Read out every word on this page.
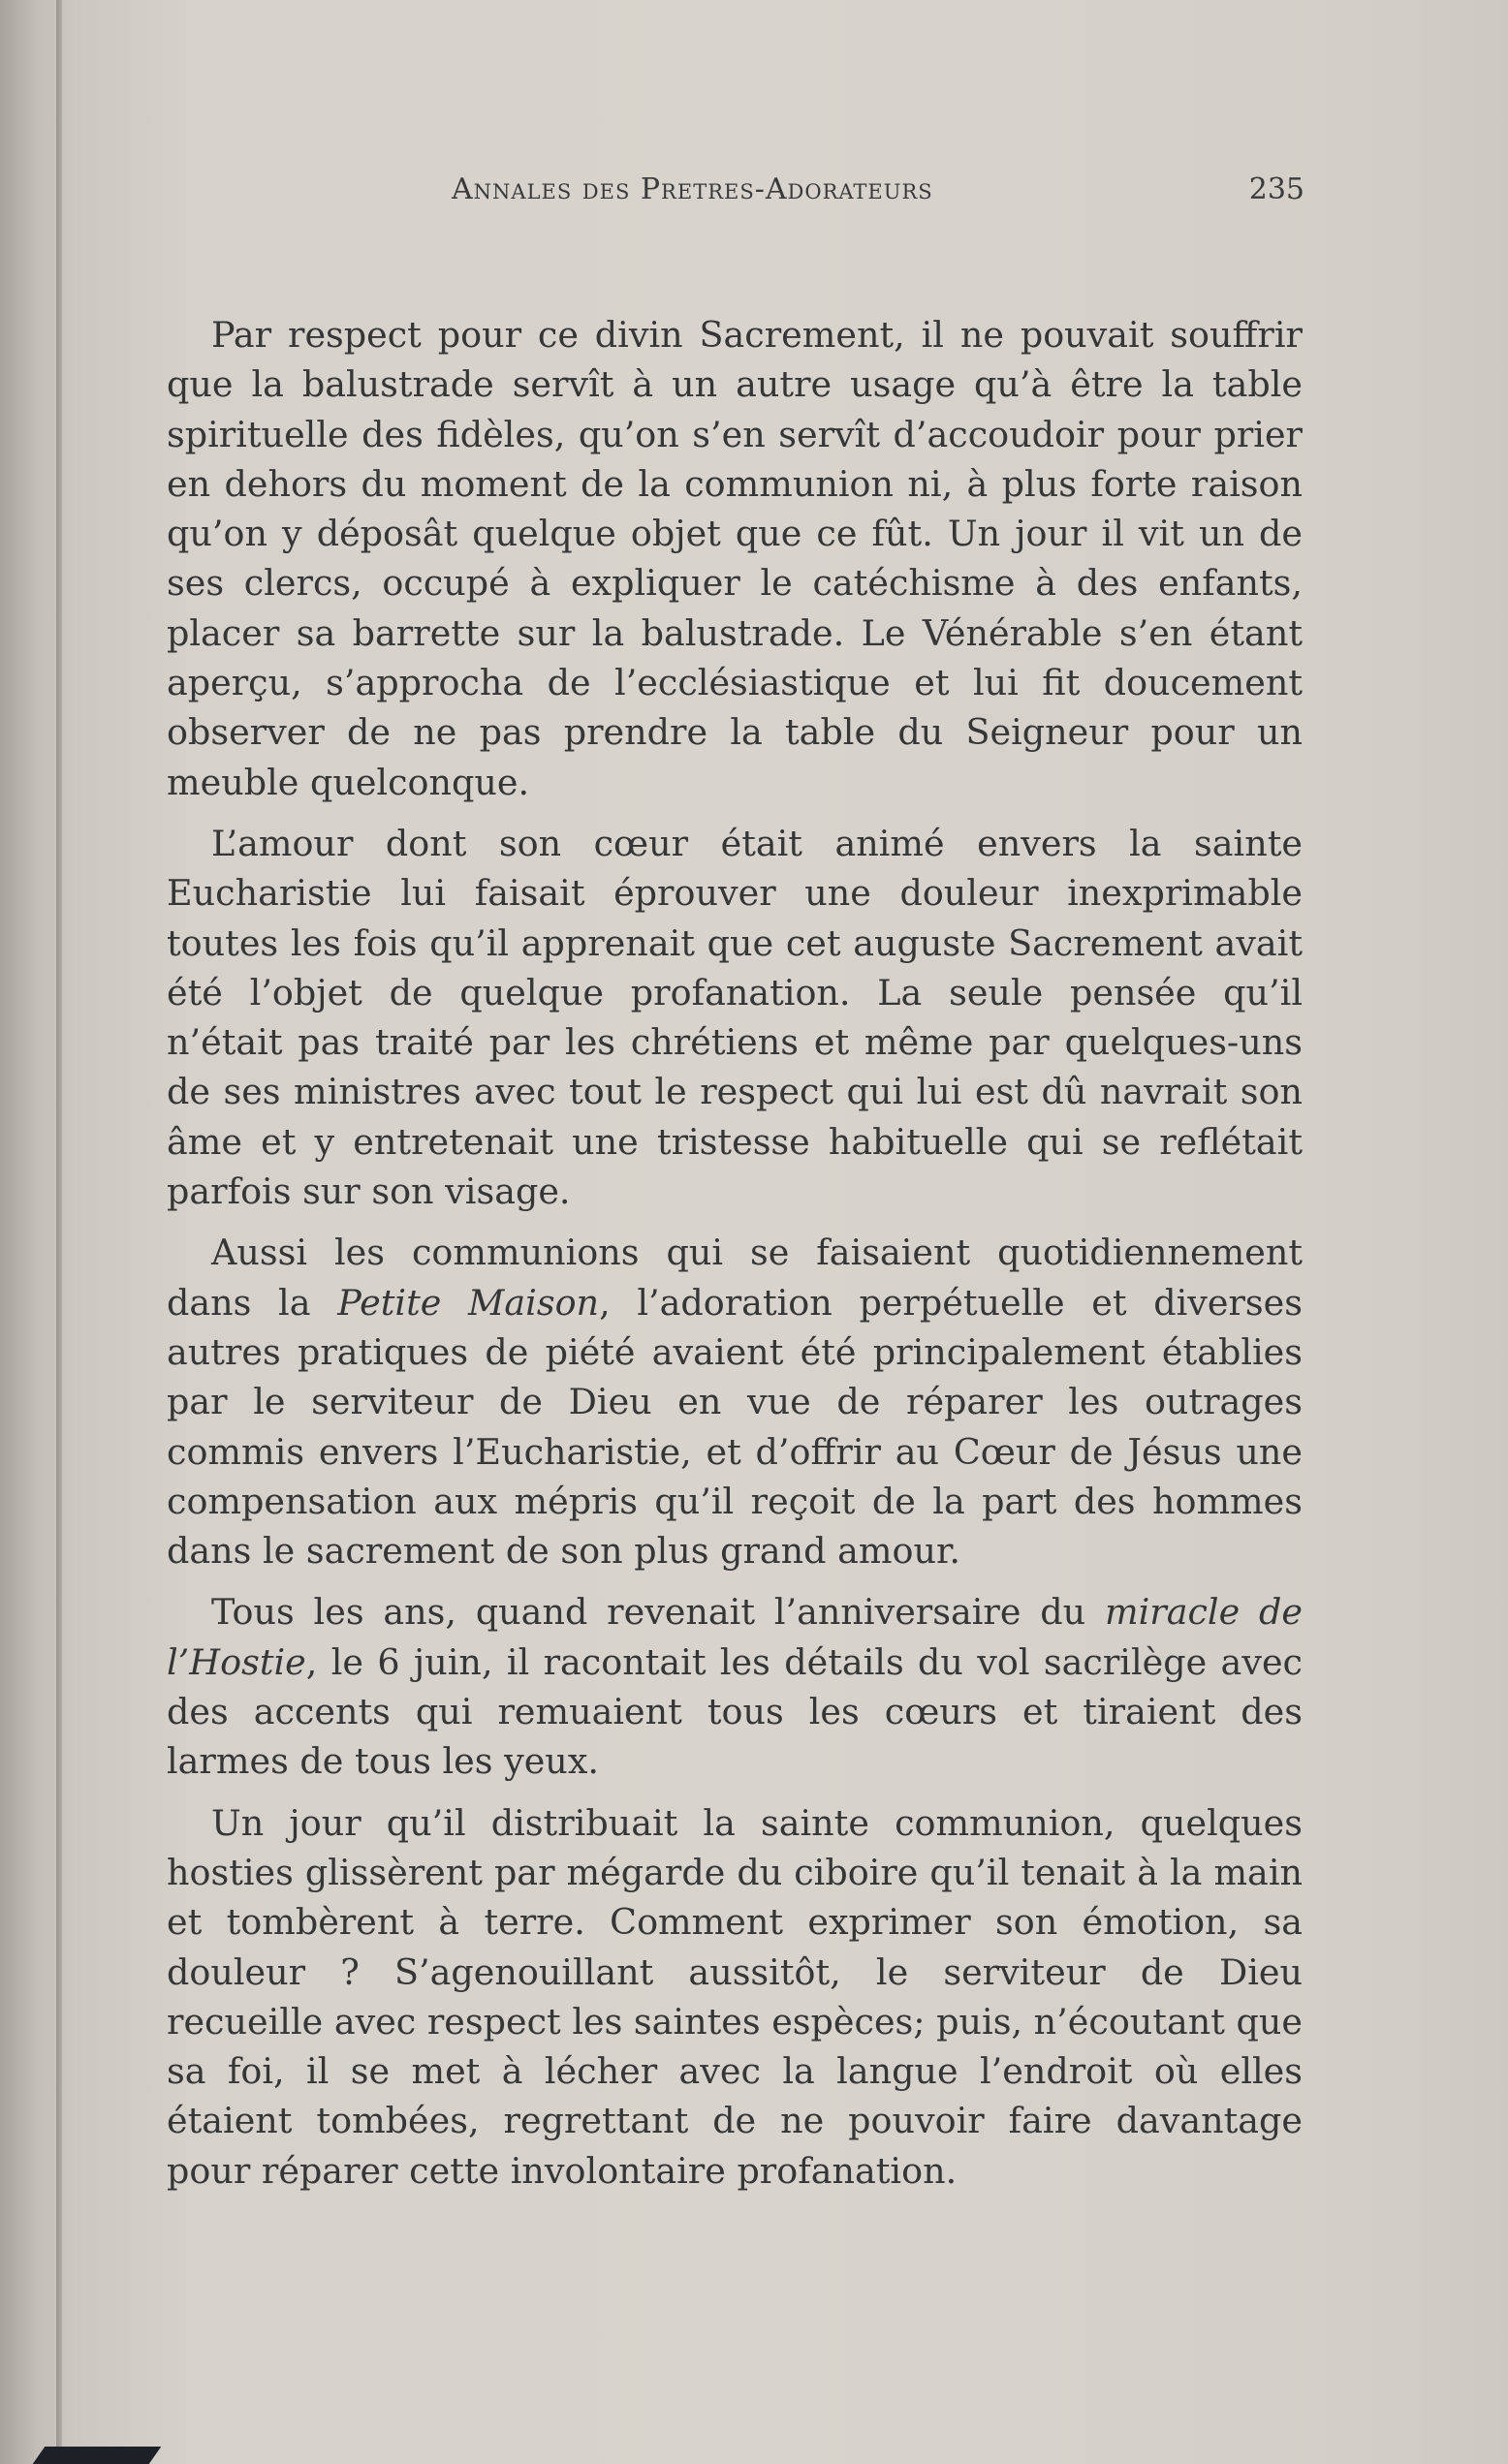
Annales des Pretres-Adorateurs	235

Par respect pour ce divin Sacrement, il ne pouvait souffrir que la balustrade servît à un autre usage qu’à être la table spirituelle des fidèles, qu’on s’en servît d’accoudoir pour prier en dehors du moment de la communion ni, à plus forte raison qu’on y déposât quelque objet que ce fût. Un jour il vit un de ses clercs, occupé à expliquer le catéchisme à des enfants, placer sa barrette sur la balustrade. Le Vénérable s’en étant aperçu, s’approcha de l’ecclésiastique et lui fit doucement observer de ne pas prendre la table du Seigneur pour un meuble quelconque.

L’amour dont son cœur était animé envers la sainte Eucharistie lui faisait éprouver une douleur inexprimable toutes les fois qu’il apprenait que cet auguste Sacrement avait été l’objet de quelque profanation. La seule pensée qu’il n’était pas traité par les chrétiens et même par quelques-uns de ses ministres avec tout le respect qui lui est dû navrait son âme et y entretenait une tristesse habituelle qui se reflétait parfois sur son visage.

Aussi les communions qui se faisaient quotidiennement dans la Petite Maison, l’adoration perpétuelle et diverses autres pratiques de piété avaient été principalement établies par le serviteur de Dieu en vue de réparer les outrages commis envers l’Eucharistie, et d’offrir au Cœur de Jésus une compensation aux mépris qu’il reçoit de la part des hommes dans le sacrement de son plus grand amour.

Tous les ans, quand revenait l’anniversaire du miracle de l’Hostie, le 6 juin, il racontait les détails du vol sacrilège avec des accents qui remuaient tous les cœurs et tiraient des larmes de tous les yeux.

Un jour qu’il distribuait la sainte communion, quelques hosties glissèrent par mégarde du ciboire qu’il tenait à la main et tombèrent à terre. Comment exprimer son émotion, sa douleur ? S’agenouillant aussitôt, le serviteur de Dieu recueille avec respect les saintes espèces; puis, n’écoutant que sa foi, il se met à lécher avec la langue l’endroit où elles étaient tombées, regrettant de ne pouvoir faire davantage pour réparer cette involontaire profanation.
